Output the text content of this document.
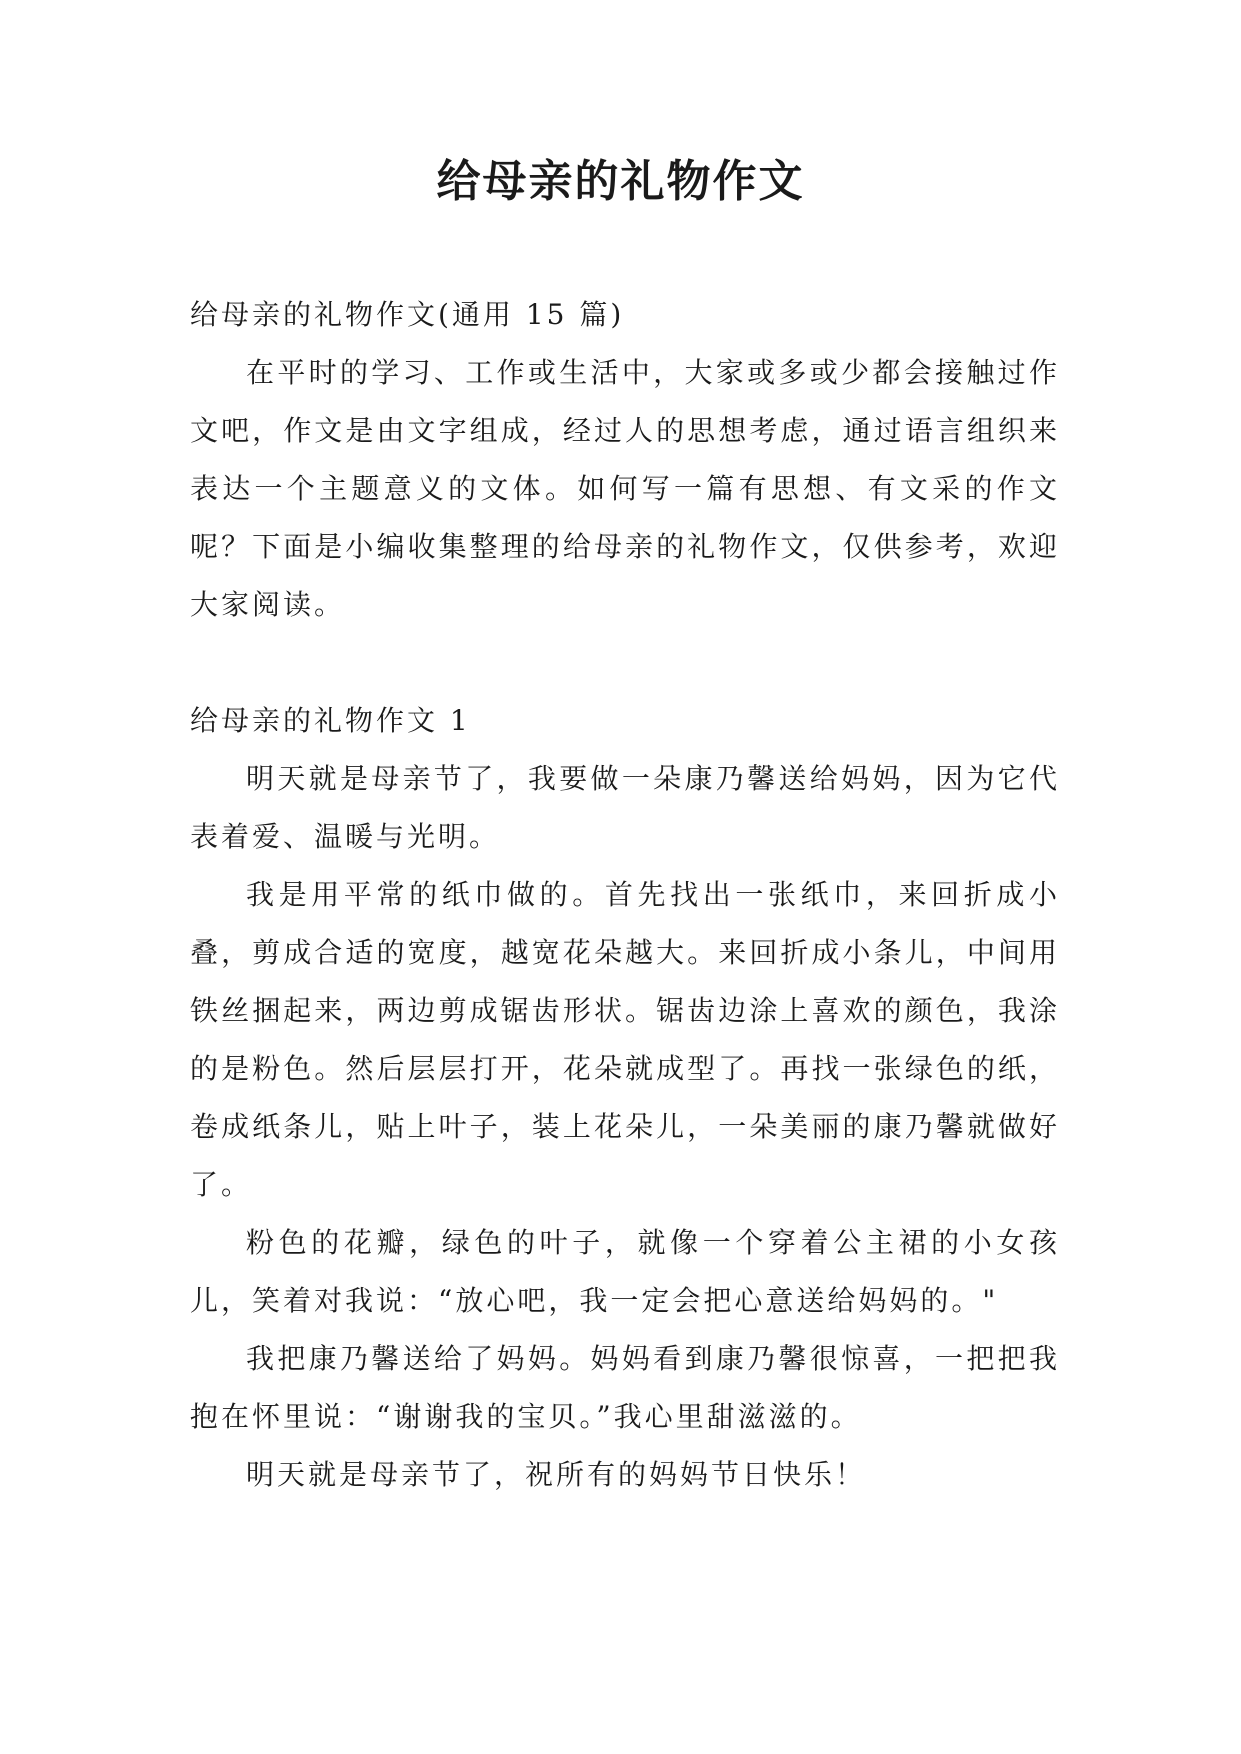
给母亲的礼物作文

给母亲的礼物作文(通用 15 篇)

在平时的学习、工作或生活中，大家或多或少都会接触过作文吧，作文是由文字组成，经过人的思想考虑，通过语言组织来表达一个主题意义的文体。如何写一篇有思想、有文采的作文呢？下面是小编收集整理的给母亲的礼物作文，仅供参考，欢迎大家阅读。

给母亲的礼物作文 1

明天就是母亲节了，我要做一朵康乃馨送给妈妈，因为它代表着爱、温暖与光明。

我是用平常的纸巾做的。首先找出一张纸巾，来回折成小叠，剪成合适的宽度，越宽花朵越大。来回折成小条儿，中间用铁丝捆起来，两边剪成锯齿形状。锯齿边涂上喜欢的颜色，我涂的是粉色。然后层层打开，花朵就成型了。再找一张绿色的纸，卷成纸条儿，贴上叶子，装上花朵儿，一朵美丽的康乃馨就做好了。

粉色的花瓣，绿色的叶子，就像一个穿着公主裙的小女孩儿，笑着对我说：“放心吧，我一定会把心意送给妈妈的。"

我把康乃馨送给了妈妈。妈妈看到康乃馨很惊喜，一把把我抱在怀里说：“谢谢我的宝贝。”我心里甜滋滋的。

明天就是母亲节了，祝所有的妈妈节日快乐！
